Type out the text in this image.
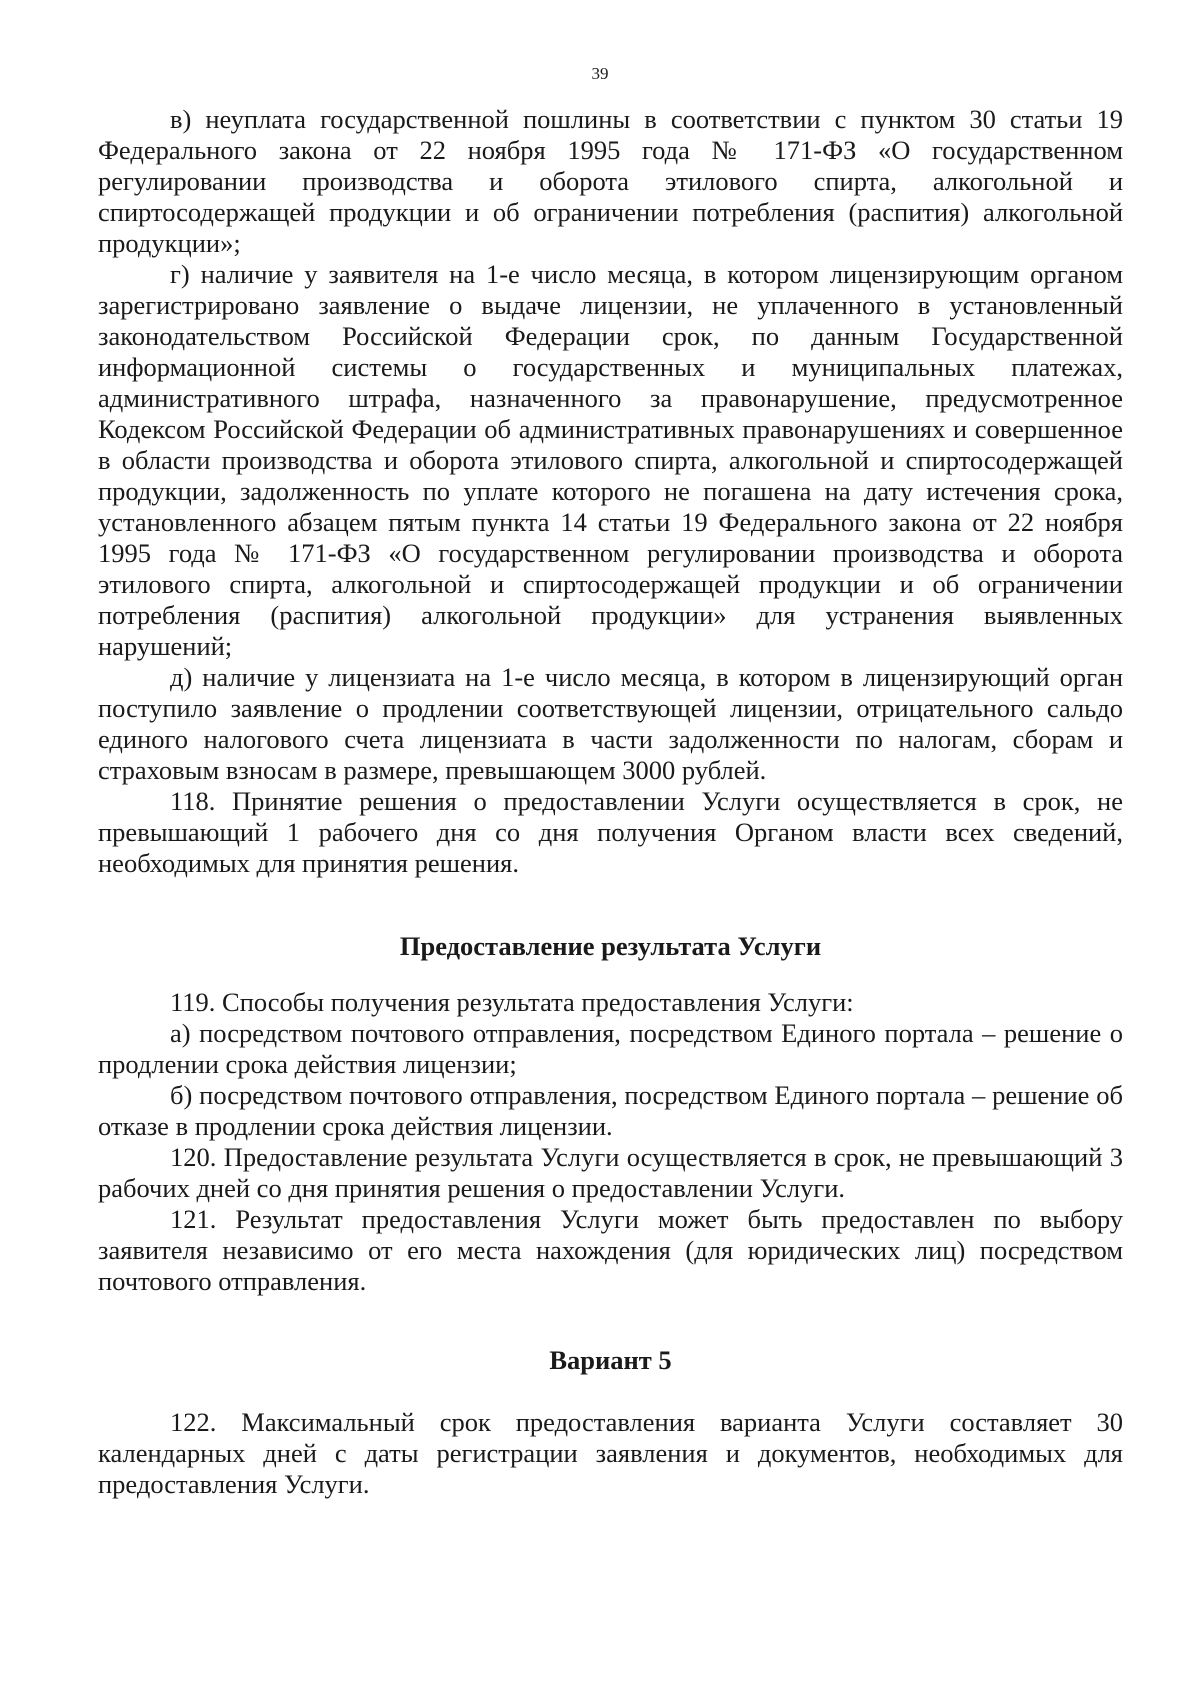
39

в) неуплата государственной пошлины в соответствии с пунктом 30 статьи 19 Федерального закона от 22 ноября 1995 года № 171-ФЗ «О государственном регулировании производства и оборота этилового спирта, алкогольной и спиртосодержащей продукции и об ограничении потребления (распития) алкогольной продукции»;

г) наличие у заявителя на 1-е число месяца, в котором лицензирующим органом зарегистрировано заявление о выдаче лицензии, не уплаченного в установленный законодательством Российской Федерации срок, по данным Государственной информационной системы о государственных и муниципальных платежах, административного штрафа, назначенного за правонарушение, предусмотренное Кодексом Российской Федерации об административных правонарушениях и совершенное в области производства и оборота этилового спирта, алкогольной и спиртосодержащей продукции, задолженность по уплате которого не погашена на дату истечения срока, установленного абзацем пятым пункта 14 статьи 19 Федерального закона от 22 ноября 1995 года № 171-ФЗ «О государственном регулировании производства и оборота этилового спирта, алкогольной и спиртосодержащей продукции и об ограничении потребления (распития) алкогольной продукции» для устранения выявленных нарушений;

д) наличие у лицензиата на 1-е число месяца, в котором в лицензирующий орган поступило заявление о продлении соответствующей лицензии, отрицательного сальдо единого налогового счета лицензиата в части задолженности по налогам, сборам и страховым взносам в размере, превышающем 3000 рублей.

118. Принятие решения о предоставлении Услуги осуществляется в срок, не превышающий 1 рабочего дня со дня получения Органом власти всех сведений, необходимых для принятия решения.

Предоставление результата Услуги

119. Способы получения результата предоставления Услуги:

а) посредством почтового отправления, посредством Единого портала – решение о продлении срока действия лицензии;

б) посредством почтового отправления, посредством Единого портала – решение об отказе в продлении срока действия лицензии.

120. Предоставление результата Услуги осуществляется в срок, не превышающий 3 рабочих дней со дня принятия решения о предоставлении Услуги.

121. Результат предоставления Услуги может быть предоставлен по выбору заявителя независимо от его места нахождения (для юридических лиц) посредством почтового отправления.

Вариант 5

122. Максимальный срок предоставления варианта Услуги составляет 30 календарных дней с даты регистрации заявления и документов, необходимых для предоставления Услуги.
